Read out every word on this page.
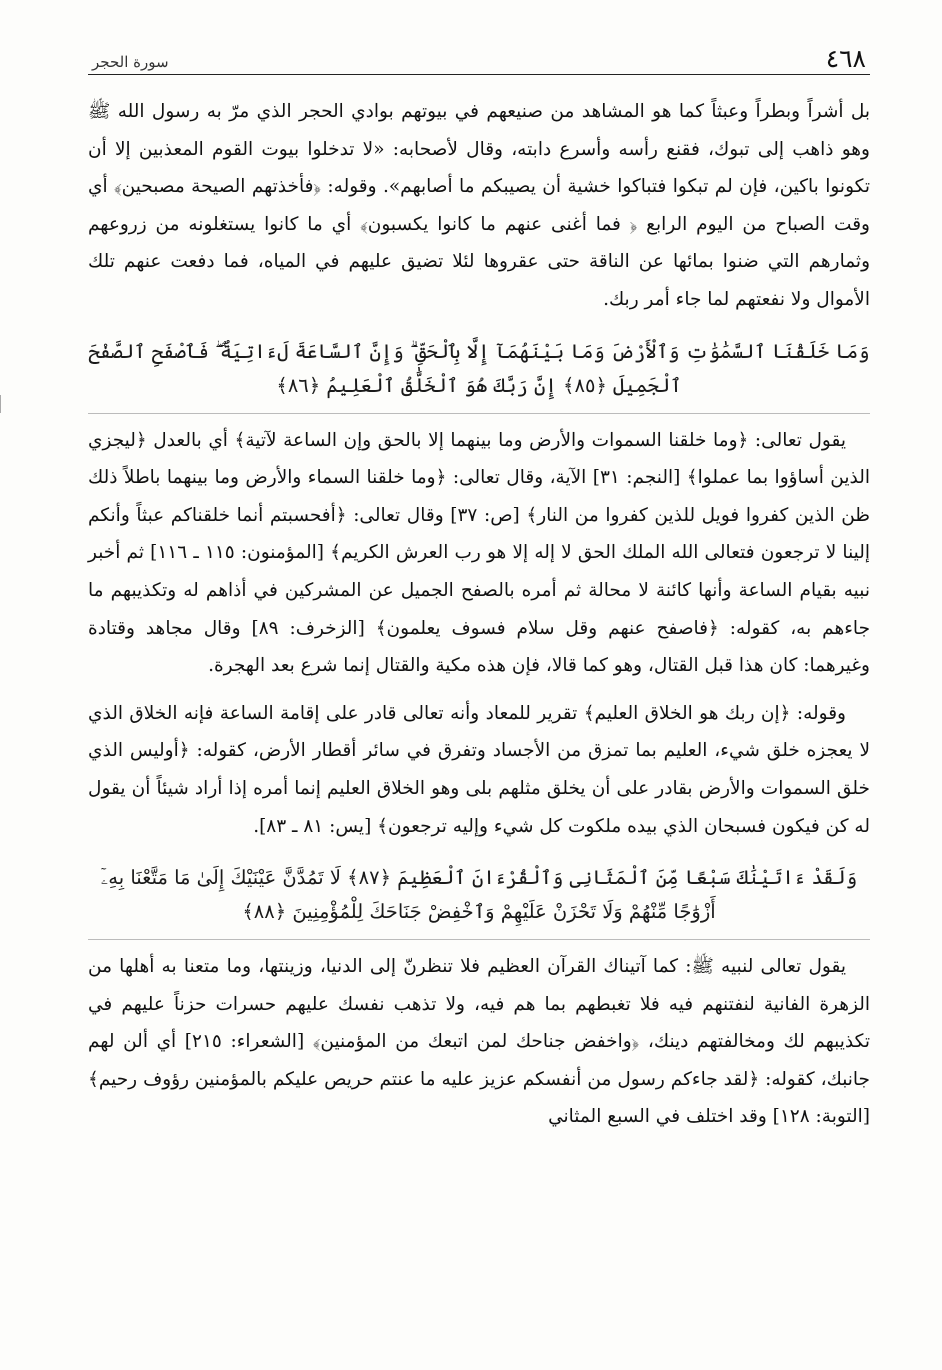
٤٦٨
سورة الحجر

بل أشراً وبطراً وعبثاً كما هو المشاهد من صنيعهم في بيوتهم بوادي الحجر الذي مرّ به رسول الله ﷺ وهو ذاهب إلى تبوك، فقنع رأسه وأسرع دابته، وقال لأصحابه: «لا تدخلوا بيوت القوم المعذبين إلا أن تكونوا باكين، فإن لم تبكوا فتباكوا خشية أن يصيبكم ما أصابهم». وقوله: ﴿فأخذتهم الصيحة مصبحين﴾ أي وقت الصباح من اليوم الرابع ﴿ فما أغنى عنهم ما كانوا يكسبون﴾ أي ما كانوا يستغلونه من زروعهم وثمارهم التي ضنوا بمائها عن الناقة حتى عقروها لئلا تضيق عليهم في المياه، فما دفعت عنهم تلك الأموال ولا نفعتهم لما جاء أمر ربك.

وَمَا خَلَقْنَا ٱلسَّمَٰوَٰتِ وَٱلْأَرْضَ وَمَا بَيْنَهُمَآ إِلَّا بِٱلْحَقِّ ۗ وَإِنَّ ٱلسَّاعَةَ لَءَاتِيَةٌ ۖ فَٱصْفَحِ ٱلصَّفْحَ ٱلْجَمِيلَ ﴿٨٥﴾ إِنَّ رَبَّكَ هُوَ ٱلْخَلَّٰقُ ٱلْعَلِيمُ ﴿٨٦﴾

يقول تعالى: ﴿وما خلقنا السموات والأرض وما بينهما إلا بالحق وإن الساعة لآتية﴾ أي بالعدل ﴿ليجزي الذين أساؤوا بما عملوا﴾ [النجم: ٣١] الآية، وقال تعالى: ﴿وما خلقنا السماء والأرض وما بينهما باطلاً ذلك ظن الذين كفروا فويل للذين كفروا من النار﴾ [ص: ٣٧] وقال تعالى: ﴿أفحسبتم أنما خلقناكم عبثاً وأنكم إلينا لا ترجعون فتعالى الله الملك الحق لا إله إلا هو رب العرش الكريم﴾ [المؤمنون: ١١٥ ـ ١١٦] ثم أخبر نبيه بقيام الساعة وأنها كائنة لا محالة ثم أمره بالصفح الجميل عن المشركين في أذاهم له وتكذيبهم ما جاءهم به، كقوله: ﴿فاصفح عنهم وقل سلام فسوف يعلمون﴾ [الزخرف: ٨٩] وقال مجاهد وقتادة وغيرهما: كان هذا قبل القتال، وهو كما قالا، فإن هذه مكية والقتال إنما شرع بعد الهجرة.

وقوله: ﴿إن ربك هو الخلاق العليم﴾ تقرير للمعاد وأنه تعالى قادر على إقامة الساعة فإنه الخلاق الذي لا يعجزه خلق شيء، العليم بما تمزق من الأجساد وتفرق في سائر أقطار الأرض، كقوله: ﴿أوليس الذي خلق السموات والأرض بقادر على أن يخلق مثلهم بلى وهو الخلاق العليم إنما أمره إذا أراد شيئاً أن يقول له كن فيكون فسبحان الذي بيده ملكوت كل شيء وإليه ترجعون﴾ [يس: ٨١ ـ ٨٣].

وَلَقَدْ ءَاتَيْنَٰكَ سَبْعًا مِّنَ ٱلْمَثَانِى وَٱلْقُرْءَانَ ٱلْعَظِيمَ ﴿٨٧﴾ لَا تَمُدَّنَّ عَيْنَيْكَ إِلَىٰ مَا مَتَّعْنَا بِهِۦٓ أَزْوَٰجًا مِّنْهُمْ وَلَا تَحْزَنْ عَلَيْهِمْ وَٱخْفِضْ جَنَاحَكَ لِلْمُؤْمِنِينَ ﴿٨٨﴾

يقول تعالى لنبيه ﷺ: كما آتيناك القرآن العظيم فلا تنظرنّ إلى الدنيا، وزينتها، وما متعنا به أهلها من الزهرة الفانية لنفتنهم فيه فلا تغبطهم بما هم فيه، ولا تذهب نفسك عليهم حسرات حزناً عليهم في تكذيبهم لك ومخالفتهم دينك، ﴿واخفض جناحك لمن اتبعك من المؤمنين﴾ [الشعراء: ٢١٥] أي ألن لهم جانبك، كقوله: ﴿لقد جاءكم رسول من أنفسكم عزيز عليه ما عنتم حريص عليكم بالمؤمنين رؤوف رحيم﴾ [التوبة: ١٢٨] وقد اختلف في السبع المثاني
